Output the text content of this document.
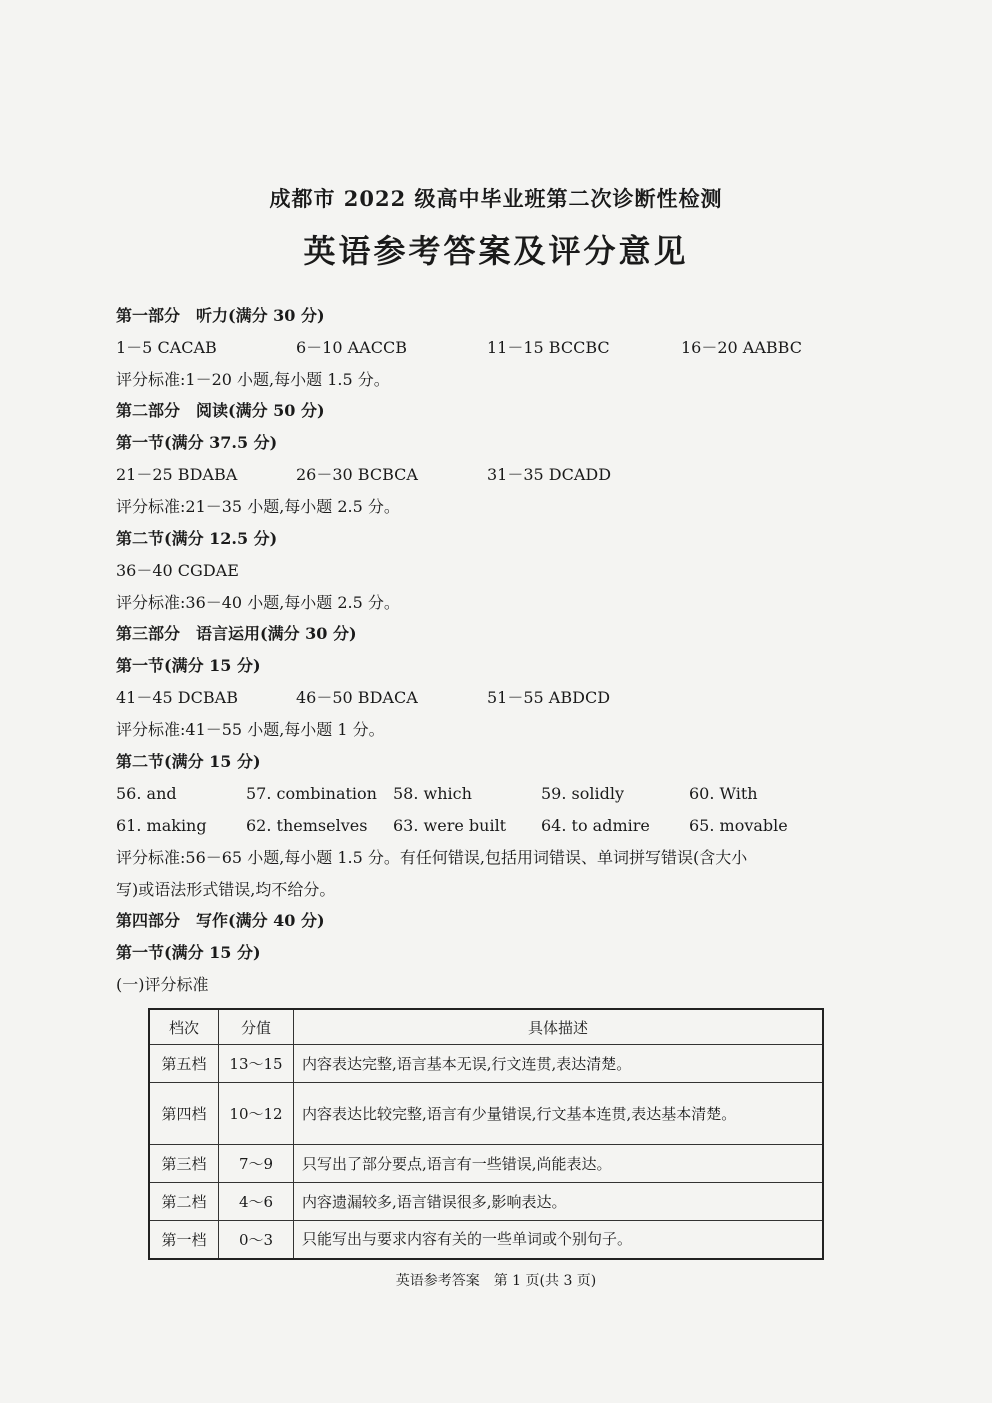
成都市 2022 级高中毕业班第二次诊断性检测
英语参考答案及评分意见
第一部分　听力(满分 30 分)
1－5 CACAB	6－10 AACCB	11－15 BCCBC	16－20 AABBC
评分标准:1－20 小题,每小题 1.5 分。
第二部分　阅读(满分 50 分)
第一节(满分 37.5 分)
21－25 BDABA	26－30 BCBCA	31－35 DCADD
评分标准:21－35 小题,每小题 2.5 分。
第二节(满分 12.5 分)
36－40 CGDAE
评分标准:36－40 小题,每小题 2.5 分。
第三部分　语言运用(满分 30 分)
第一节(满分 15 分)
41－45 DCBAB	46－50 BDACA	51－55 ABDCD
评分标准:41－55 小题,每小题 1 分。
第二节(满分 15 分)
56. and	57. combination 58. which	59. solidly	60. With
61. making 62. themselves 63. were built 64. to admire 65. movable
评分标准:56－65 小题,每小题 1.5 分。有任何错误,包括用词错误、单词拼写错误(含大小
写)或语法形式错误,均不给分。
第四部分　写作(满分 40 分)
第一节(满分 15 分)
(一)评分标准
档次	分值	具体描述
第五档	13～15	内容表达完整,语言基本无误,行文连贯,表达清楚。
第四档	10～12	内容表达比较完整,语言有少量错误,行文基本连贯,表达基本清楚。
第三档	7～9	只写出了部分要点,语言有一些错误,尚能表达。
第二档	4～6	内容遗漏较多,语言错误很多,影响表达。
第一档	0～3	只能写出与要求内容有关的一些单词或个别句子。
英语参考答案　第 1 页(共 3 页)
